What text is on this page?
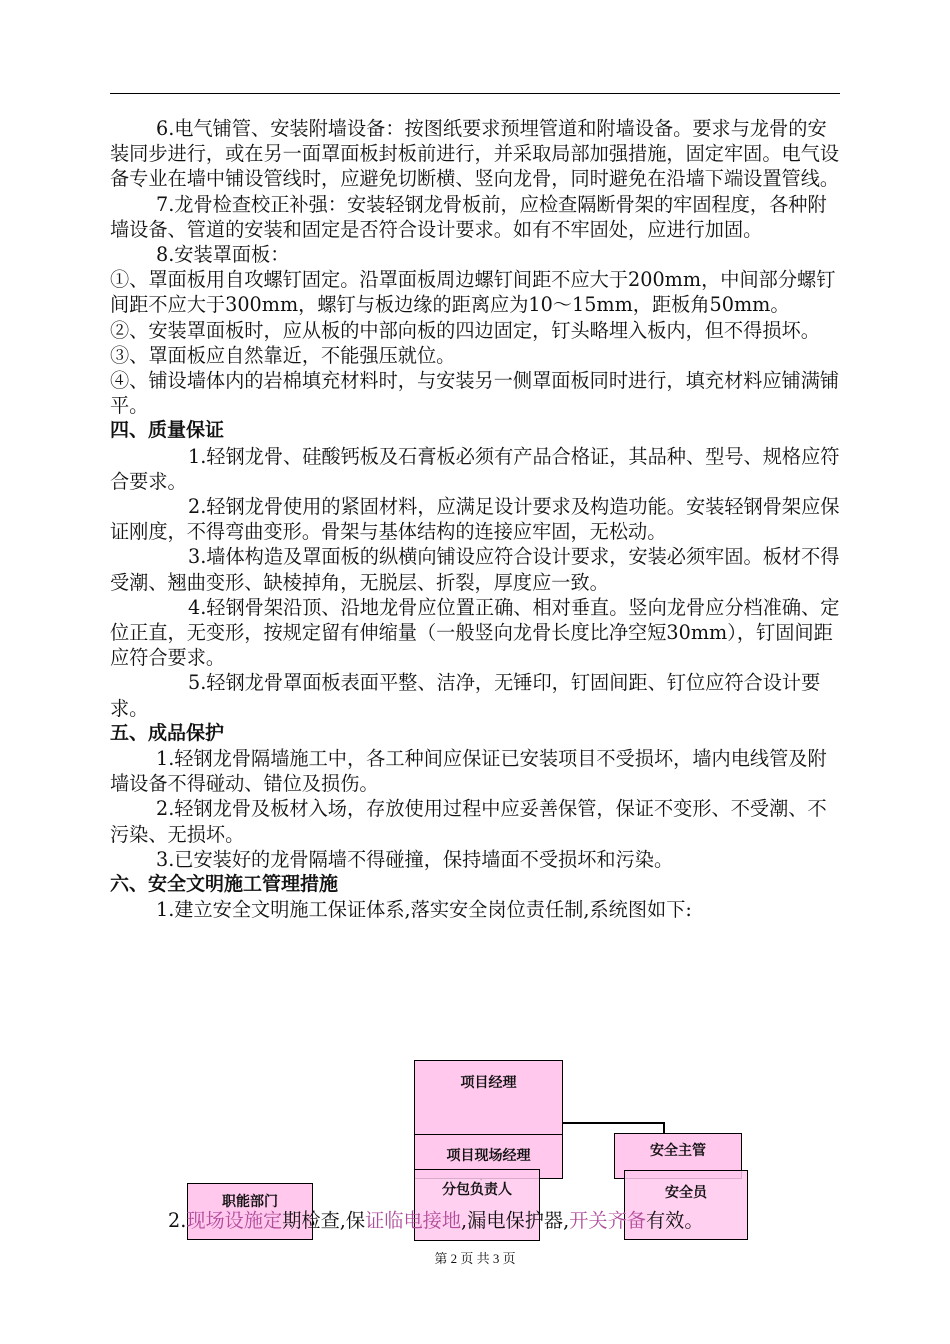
6.电气铺管、安装附墙设备：按图纸要求预埋管道和附墙设备。要求与龙骨的安装同步进行，或在另一面罩面板封板前进行，并采取局部加强措施，固定牢固。电气设备专业在墙中铺设管线时，应避免切断横、竖向龙骨，同时避免在沿墙下端设置管线。

7.龙骨检查校正补强：安装轻钢龙骨板前，应检查隔断骨架的牢固程度，各种附墙设备、管道的安装和固定是否符合设计要求。如有不牢固处，应进行加固。

8.安装罩面板：

①、罩面板用自攻螺钉固定。沿罩面板周边螺钉间距不应大于200mm，中间部分螺钉间距不应大于300mm，螺钉与板边缘的距离应为10～15mm，距板角50mm。

②、安装罩面板时，应从板的中部向板的四边固定，钉头略埋入板内，但不得损坏。

③、罩面板应自然靠近，不能强压就位。

④、铺设墙体内的岩棉填充材料时，与安装另一侧罩面板同时进行，填充材料应铺满铺平。

四、质量保证

1.轻钢龙骨、硅酸钙板及石膏板必须有产品合格证，其品种、型号、规格应符合要求。

2.轻钢龙骨使用的紧固材料，应满足设计要求及构造功能。安装轻钢骨架应保证刚度，不得弯曲变形。骨架与基体结构的连接应牢固，无松动。

3.墙体构造及罩面板的纵横向铺设应符合设计要求，安装必须牢固。板材不得受潮、翘曲变形、缺棱掉角，无脱层、折裂，厚度应一致。

4.轻钢骨架沿顶、沿地龙骨应位置正确、相对垂直。竖向龙骨应分档准确、定位正直，无变形，按规定留有伸缩量（一般竖向龙骨长度比净空短30mm），钉固间距应符合要求。

5.轻钢龙骨罩面板表面平整、洁净，无锤印，钉固间距、钉位应符合设计要求。

五、成品保护

1.轻钢龙骨隔墙施工中，各工种间应保证已安装项目不受损坏，墙内电线管及附墙设备不得碰动、错位及损伤。

2.轻钢龙骨及板材入场，存放使用过程中应妥善保管，保证不变形、不受潮、不污染、无损坏。

3.已安装好的龙骨隔墙不得碰撞，保持墙面不受损坏和污染。

六、安全文明施工管理措施

1.建立安全文明施工保证体系,落实安全岗位责任制,系统图如下:

项目经理
项目现场经理	安全主管
分包负责人	安全员
职能部门
2.现场设施定期检查,保证临电接地,漏电保护器,开关齐备有效。
第 2 页 共 3 页
